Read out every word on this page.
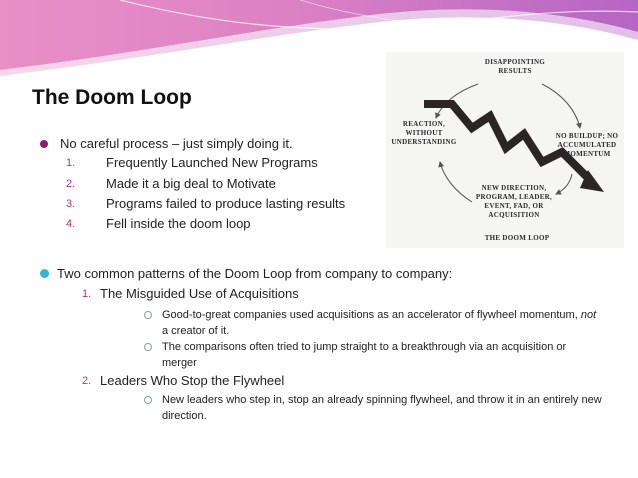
The Doom Loop
No careful process – just simply doing it.
1.	Frequently Launched New Programs
2.	Made it a big deal to Motivate
3.	Programs failed to produce lasting results
4.	Fell inside the doom loop
DISAPPOINTING RESULTS
REACTION, WITHOUT UNDERSTANDING
NO BUILDUP; NO ACCUMULATED MOMENTUM
NEW DIRECTION, PROGRAM, LEADER, EVENT, FAD, OR ACQUISITION
THE DOOM LOOP
Two common patterns of the Doom Loop from company to company:
1. The Misguided Use of Acquisitions
Good-to-great companies used acquisitions as an accelerator of flywheel momentum, not a creator of it.
The comparisons often tried to jump straight to a breakthrough via an acquisition or merger
2. Leaders Who Stop the Flywheel
New leaders who step in, stop an already spinning flywheel, and throw it in an entirely new direction.
